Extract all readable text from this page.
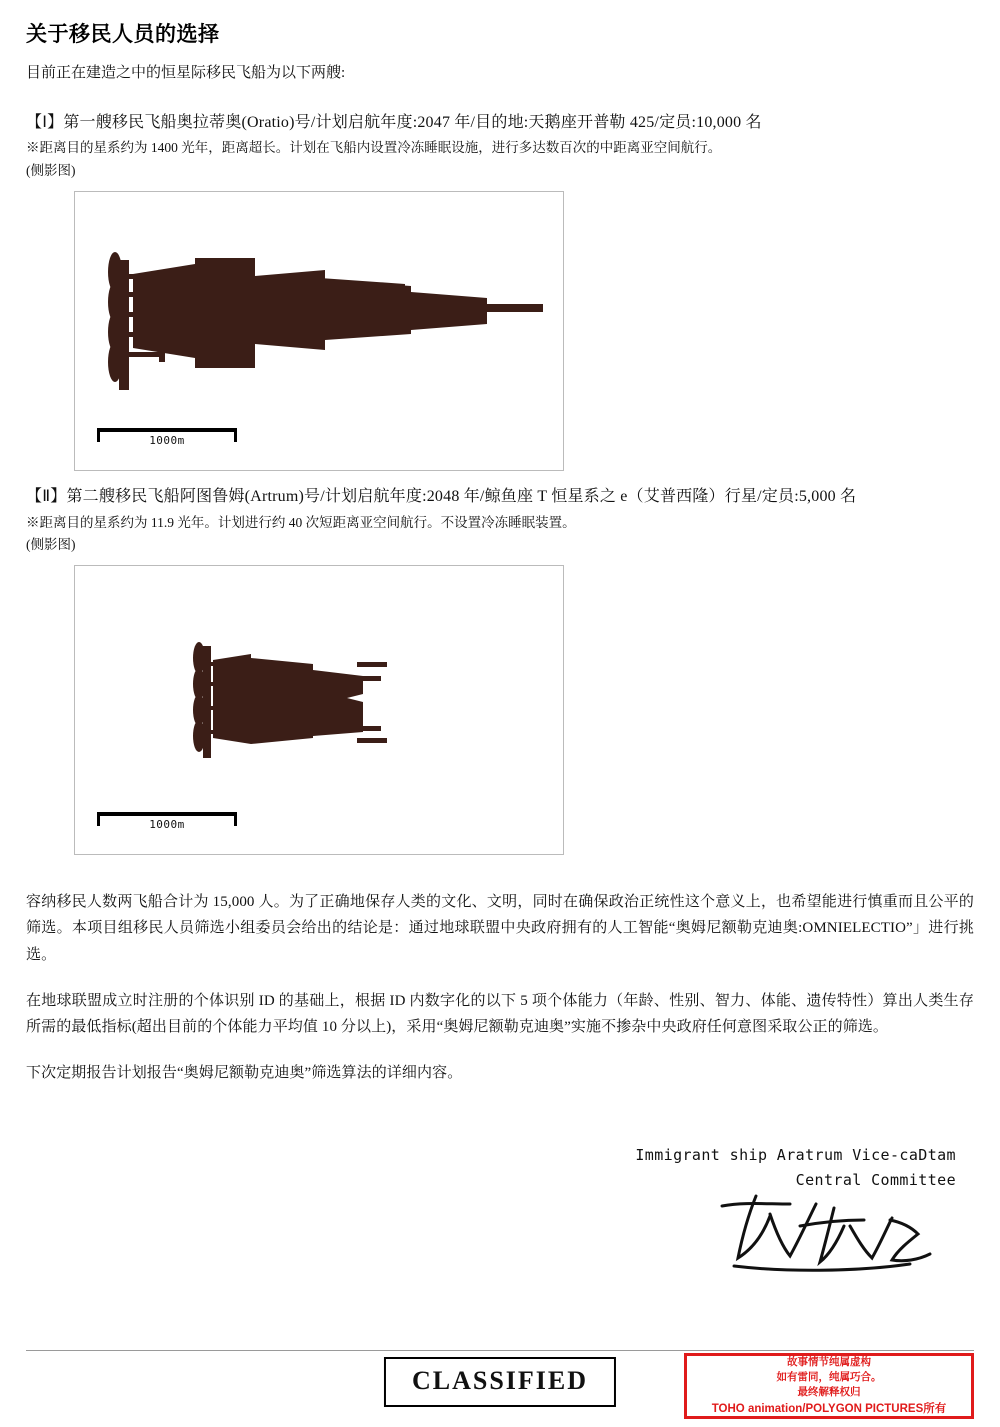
关于移民人员的选择

目前正在建造之中的恒星际移民飞船为以下两艘:

【Ⅰ】第一艘移民飞船奥拉蒂奥(Oratio)号/计划启航年度:2047 年/目的地:天鹅座开普勒 425/定员:10,000 名

※距离目的星系约为 1400 光年，距离超长。计划在飞船内设置冷冻睡眠设施，进行多达数百次的中距离亚空间航行。

(侧影图)

1000m

【Ⅱ】第二艘移民飞船阿图鲁姆(Artrum)号/计划启航年度:2048 年/鲸鱼座 T 恒星系之 e（艾普西隆）行星/定员:5,000 名

※距离目的星系约为 11.9 光年。计划进行约 40 次短距离亚空间航行。不设置冷冻睡眠装置。

(侧影图)

1000m

容纳移民人数两飞船合计为 15,000 人。为了正确地保存人类的文化、文明，同时在确保政治正统性这个意义上，也希望能进行慎重而且公平的筛选。本项目组移民人员筛选小组委员会给出的结论是：通过地球联盟中央政府拥有的人工智能“奥姆尼额勒克迪奥:OMNIELECTIO”」进行挑选。

在地球联盟成立时注册的个体识别 ID 的基础上，根据 ID 内数字化的以下 5 项个体能力（年龄、性别、智力、体能、遗传特性）算出人类生存所需的最低指标(超出目前的个体能力平均值 10 分以上)，采用“奥姆尼额勒克迪奥”实施不掺杂中央政府任何意图采取公正的筛选。

下次定期报告计划报告“奥姆尼额勒克迪奥”筛选算法的详细内容。

Immigrant ship Aratrum Vice-caDtam
Central Committee
CLASSIFIED
故事情节纯属虚构
如有雷同，纯属巧合。
最终解释权归
TOHO animation/POLYGON PICTURES所有
